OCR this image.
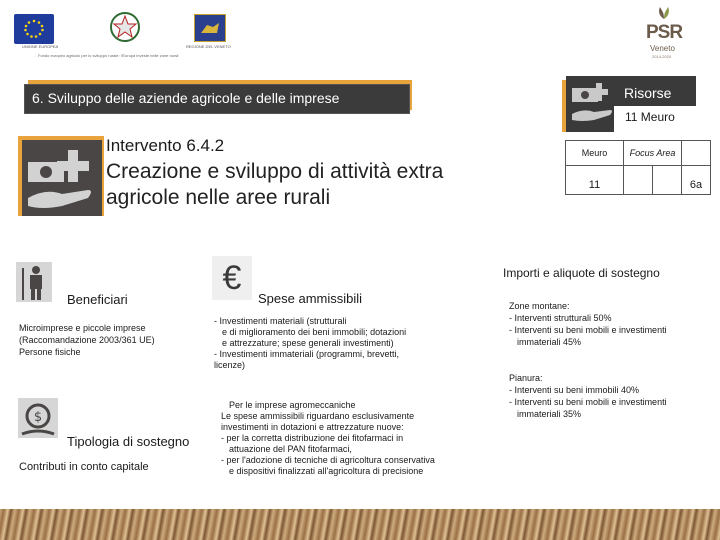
UNIONE EUROPEA	REGIONE DEL VENETO
Fondo europeo agricolo per lo sviluppo rurale: l'Europa investe nelle zone rurali
PSR
Veneto
2014-2020
6. Sviluppo delle aziende agricole e delle imprese	Risorse
11 Meuro
Intervento 6.4.2
Creazione e sviluppo di attività extra agricole nelle aree rurali
Meuro	Focus Area		
11			6a
Beneficiari
Microimprese e piccole imprese
(Raccomandazione 2003/361 UE)
Persone fisiche
€
Spese ammissibili
- Investimenti materiali (strutturali
e di miglioramento dei beni immobili; dotazioni
e attrezzature; spese generali investimenti)
- Investimenti immateriali (programmi, brevetti,
licenze)
Per le imprese agromeccaniche
Le spese ammissibili riguardano esclusivamente
investimenti in dotazioni e attrezzature nuove:
- per la corretta distribuzione dei fitofarmaci in
attuazione del PAN fitofarmaci,
- per l'adozione di tecniche di agricoltura conservativa
e dispositivi finalizzati all'agricoltura di precisione
$
Tipologia di sostegno
Contributi in conto capitale
Importi e aliquote di sostegno
Zone montane:
- Interventi strutturali 50%
- Interventi su beni mobili e investimenti
immateriali 45%
Pianura:
- Interventi su beni immobili 40%
- Interventi su beni mobili e investimenti
immateriali 35%
